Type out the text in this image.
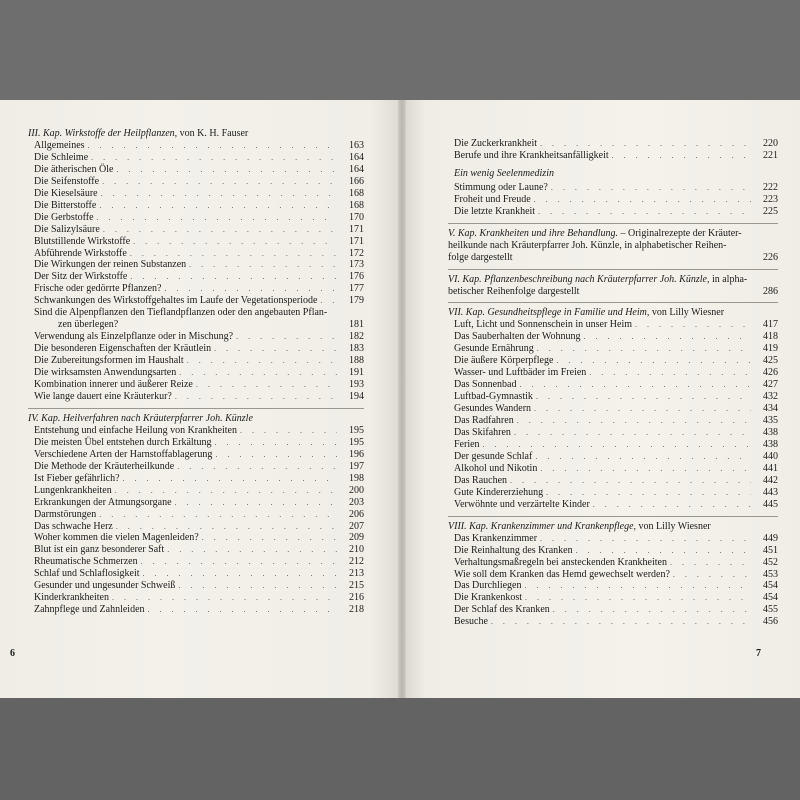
III. Kap. Wirkstoffe der Heilpflanzen, von K. H. Fauser
Allgemeines . . .	163
Die Schleime . . .	164
Die ätherischen Öle . . .	164
Die Seifenstoffe . . .	166
Die Kieselsäure . . .	168
Die Bitterstoffe . . .	168
Die Gerbstoffe . . .	170
Die Salizylsäure . . .	171
Blutstillende Wirkstoffe . . .	171
Abführende Wirkstoffe . . .	172
Die Wirkungen der reinen Substanzen . . .	173
Der Sitz der Wirkstoffe . . .	176
Frische oder gedörrte Pflanzen? . . .	177
Schwankungen des Wirkstoffgehaltes im Laufe der Vegetationsperiode . . .	179
Sind die Alpenpflanzen den Tieflandpflanzen oder den angebauten Pflan-
zen überlegen?	181
Verwendung als Einzelpflanze oder in Mischung? . . .	182
Die besonderen Eigenschaften der Kräutlein . . .	183
Die Zubereitungsformen im Haushalt . . .	188
Die wirksamsten Anwendungsarten . . .	191
Kombination innerer und äußerer Reize . . .	193
Wie lange dauert eine Kräuterkur? . . .	194
IV. Kap. Heilverfahren nach Kräuterpfarrer Joh. Künzle
Entstehung und einfache Heilung von Krankheiten . . .	195
Die meisten Übel entstehen durch Erkältung . . .	195
Verschiedene Arten der Harnstoffablagerung . . .	196
Die Methode der Kräuterheilkunde . . .	197
Ist Fieber gefährlich? . . .	198
Lungenkrankheiten . . .	200
Erkrankungen der Atmungsorgane . . .	203
Darmstörungen . . .	206
Das schwache Herz . . .	207
Woher kommen die vielen Magenleiden? . . .	209
Blut ist ein ganz besonderer Saft . . .	210
Rheumatische Schmerzen . . .	212
Schlaf und Schlaflosigkeit . . .	213
Gesunder und ungesunder Schweiß . . .	215
Kinderkrankheiten . . .	216
Zahnpflege und Zahnleiden . . .	218
Die Zuckerkrankheit . . .	220
Berufe und ihre Krankheitsanfälligkeit . . .	221
Ein wenig Seelenmedizin
Stimmung oder Laune? . . .	222
Froheit und Freude . . .	223
Die letzte Krankheit . . .	225
V. Kap. Krankheiten und ihre Behandlung. – Originalrezepte der Kräuter-
heilkunde nach Kräuterpfarrer Joh. Künzle, in alphabetischer Reihen-
folge dargestellt	226
VI. Kap. Pflanzenbeschreibung nach Kräuterpfarrer Joh. Künzle, in alpha-
betischer Reihenfolge dargestellt	286
VII. Kap. Gesundheitspflege in Familie und Heim, von Lilly Wiesner
Luft, Licht und Sonnenschein in unser Heim . . .	417
Das Sauberhalten der Wohnung . . .	418
Gesunde Ernährung . . .	419
Die äußere Körperpflege . . .	425
Wasser- und Luftbäder im Freien . . .	426
Das Sonnenbad . . .	427
Luftbad-Gymnastik . . .	432
Gesundes Wandern . . .	434
Das Radfahren . . .	435
Das Skifahren . . .	438
Ferien . . .	438
Der gesunde Schlaf . . .	440
Alkohol und Nikotin . . .	441
Das Rauchen . . .	442
Gute Kindererziehung . . .	443
Verwöhnte und verzärtelte Kinder . . .	445
VIII. Kap. Krankenzimmer und Krankenpflege, von Lilly Wiesner
Das Krankenzimmer . . .	449
Die Reinhaltung des Kranken . . .	451
Verhaltungsmaßregeln bei ansteckenden Krankheiten . . .	452
Wie soll dem Kranken das Hemd gewechselt werden? . . .	453
Das Durchliegen . . .	454
Die Krankenkost . . .	454
Der Schlaf des Kranken . . .	455
Besuche . . .	456
6	7
